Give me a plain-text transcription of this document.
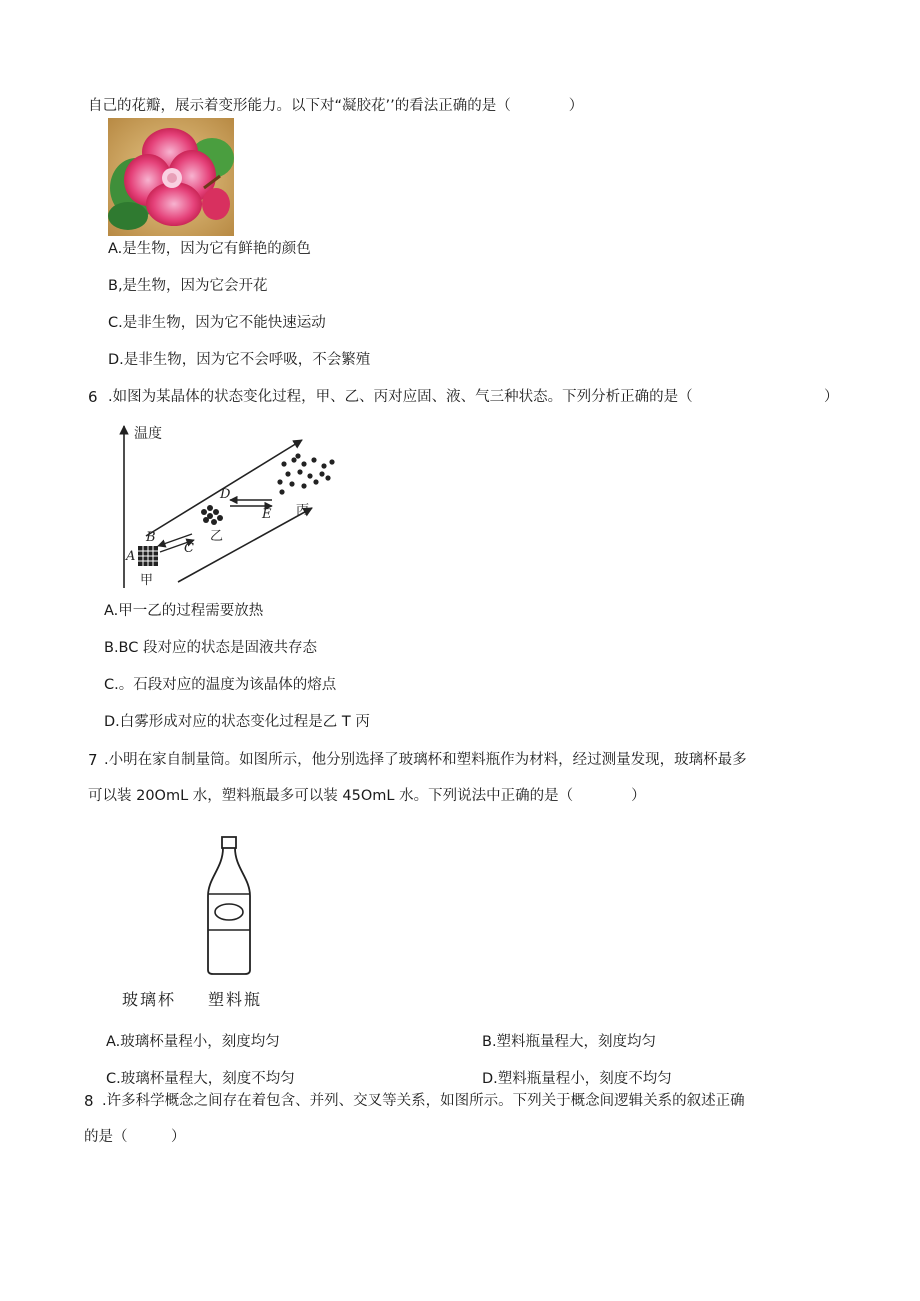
自己的花瓣，展示着变形能力。以下对“凝胶花’’的看法正确的是（　　　　）
A.是生物，因为它有鲜艳的颜色
B,是生物，因为它会开花
C.是非生物，因为它不能快速运动
D.是非生物，因为它不会呼吸，不会繁殖
6 .如图为某晶体的状态变化过程，甲、乙、丙对应固、液、气三种状态。下列分析正确的是（	）
温度
A
B
C
D
E
甲
乙
丙
A.甲一乙的过程需要放热
B.BC 段对应的状态是固液共存态
C.。石段对应的温度为该晶体的熔点
D.白雾形成对应的状态变化过程是乙 T 丙
7 .小明在家自制量筒。如图所示，他分别选择了玻璃杯和塑料瓶作为材料，经过测量发现，玻璃杯最多
可以装 20OmL 水，塑料瓶最多可以装 45OmL 水。下列说法中正确的是（　　　　）
玻璃杯 塑料瓶
A.玻璃杯量程小，刻度均匀	B.塑料瓶量程大，刻度均匀
C.玻璃杯量程大，刻度不均匀	D.塑料瓶量程小，刻度不均匀
8 .许多科学概念之间存在着包含、并列、交叉等关系，如图所示。下列关于概念间逻辑关系的叙述正确
的是（　　　）
